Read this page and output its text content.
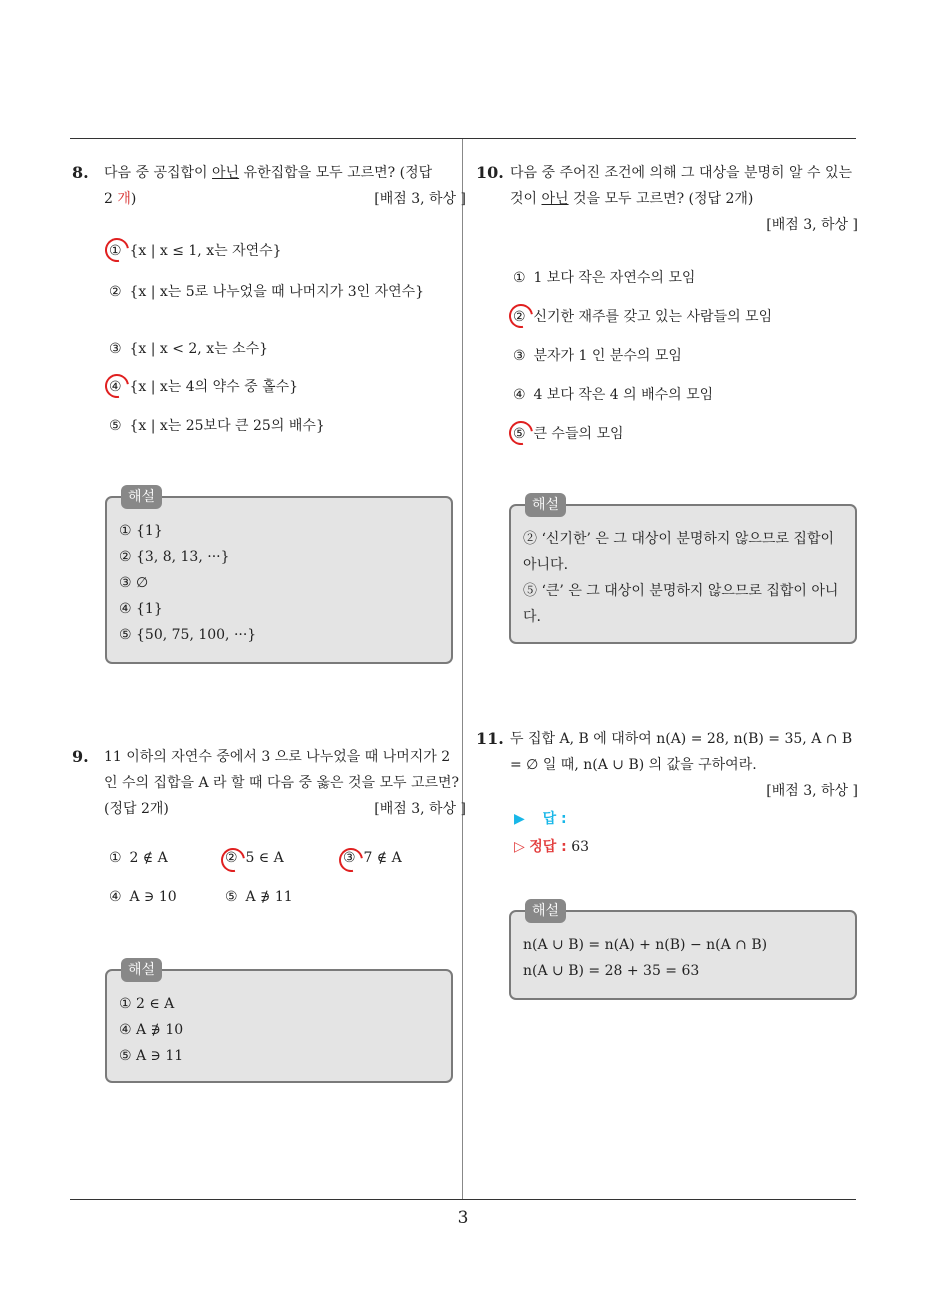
8. 다음 중 공집합이 아닌 유한집합을 모두 고르면? (정답
2 개)	[배점 3, 하상 ]
① {x | x ≤ 1, x는 자연수}
② {x | x는 5로 나누었을 때 나머지가 3인 자연수}
③ {x | x < 2, x는 소수}
④ {x | x는 4의 약수 중 홀수}
⑤ {x | x는 25보다 큰 25의 배수}
해설
① {1}
② {3, 8, 13, ···}
③ ∅
④ {1}
⑤ {50, 75, 100, ···}
9. 11 이하의 자연수 중에서 3 으로 나누었을 때 나머지가 2 인 수의 집합을 A 라 할 때 다음 중 옳은 것을 모두 고르면? (정답 2개)	[배점 3, 하상 ]
① 2 ∉ A	② 5 ∈ A	③ 7 ∉ A
④ A ∋ 10	⑤ A ∌ 11
해설
① 2 ∈ A
④ A ∌ 10
⑤ A ∋ 11
10. 다음 중 주어진 조건에 의해 그 대상을 분명히 알 수 있는 것이 아닌 것을 모두 고르면? (정답 2개)
[배점 3, 하상 ]
① 1 보다 작은 자연수의 모임
② 신기한 재주를 갖고 있는 사람들의 모임
③ 분자가 1 인 분수의 모임
④ 4 보다 작은 4 의 배수의 모임
⑤ 큰 수들의 모임
해설
② ‘신기한’ 은 그 대상이 분명하지 않으므로 집합이 아니다.
⑤ ‘큰’ 은 그 대상이 분명하지 않으므로 집합이 아니다.
11. 두 집합 A, B 에 대하여 n(A) = 28, n(B) = 35, A ∩ B = ∅ 일 때, n(A ∪ B) 의 값을 구하여라.
[배점 3, 하상 ]
▶ 답 :
▷ 정답 : 63
해설
n(A ∪ B) = n(A) + n(B) − n(A ∩ B)
n(A ∪ B) = 28 + 35 = 63
3
